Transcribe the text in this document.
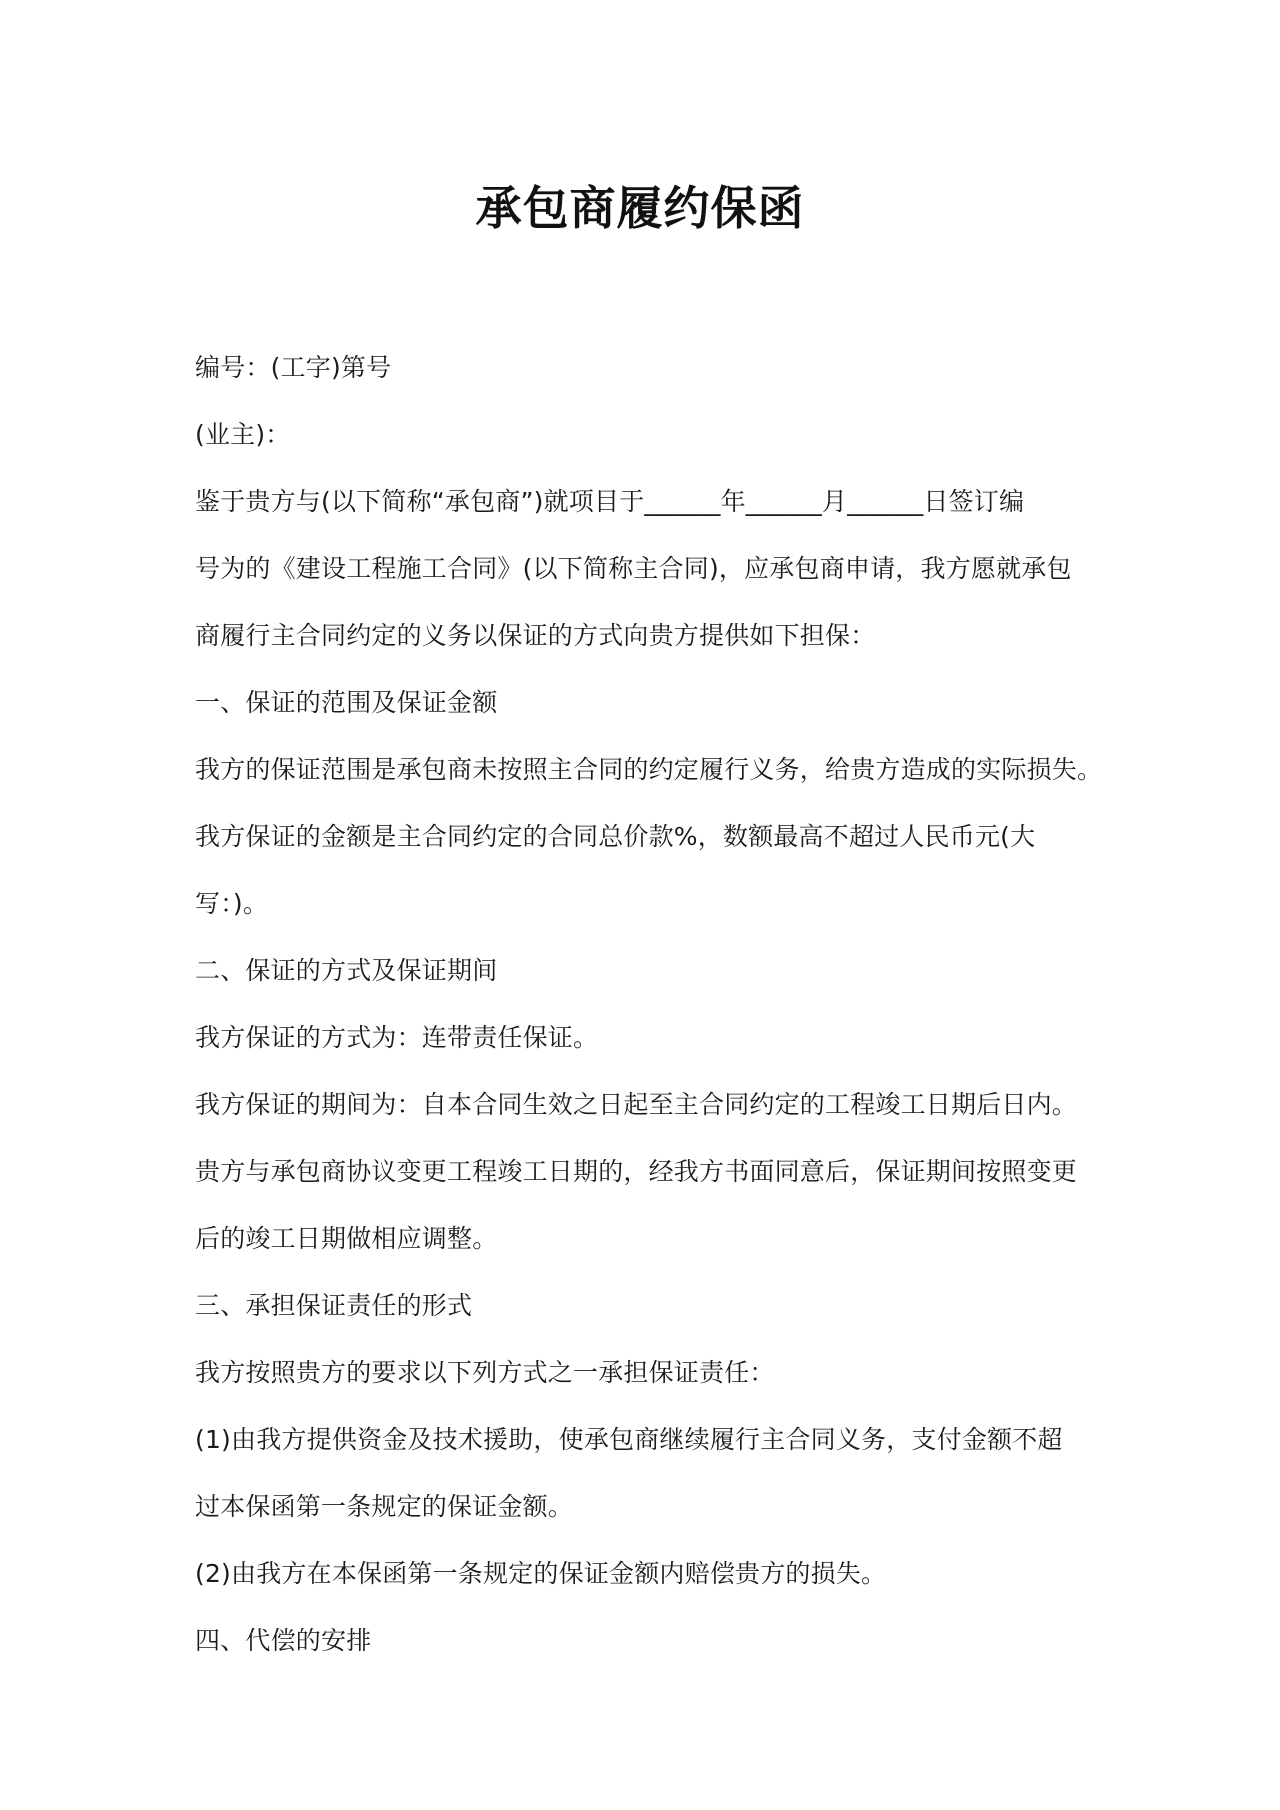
承包商履约保函
编号：(工字)第号
(业主)：
鉴于贵方与(以下简称“承包商”)就项目于______年______月______日签订编
号为的《建设工程施工合同》(以下简称主合同)，应承包商申请，我方愿就承包
商履行主合同约定的义务以保证的方式向贵方提供如下担保：
一、保证的范围及保证金额
我方的保证范围是承包商未按照主合同的约定履行义务，给贵方造成的实际损失。
我方保证的金额是主合同约定的合同总价款%，数额最高不超过人民币元(大
写：)。
二、保证的方式及保证期间
我方保证的方式为：连带责任保证。
我方保证的期间为：自本合同生效之日起至主合同约定的工程竣工日期后日内。
贵方与承包商协议变更工程竣工日期的，经我方书面同意后，保证期间按照变更
后的竣工日期做相应调整。
三、承担保证责任的形式
我方按照贵方的要求以下列方式之一承担保证责任：
(1)由我方提供资金及技术援助，使承包商继续履行主合同义务，支付金额不超
过本保函第一条规定的保证金额。
(2)由我方在本保函第一条规定的保证金额内赔偿贵方的损失。
四、代偿的安排
